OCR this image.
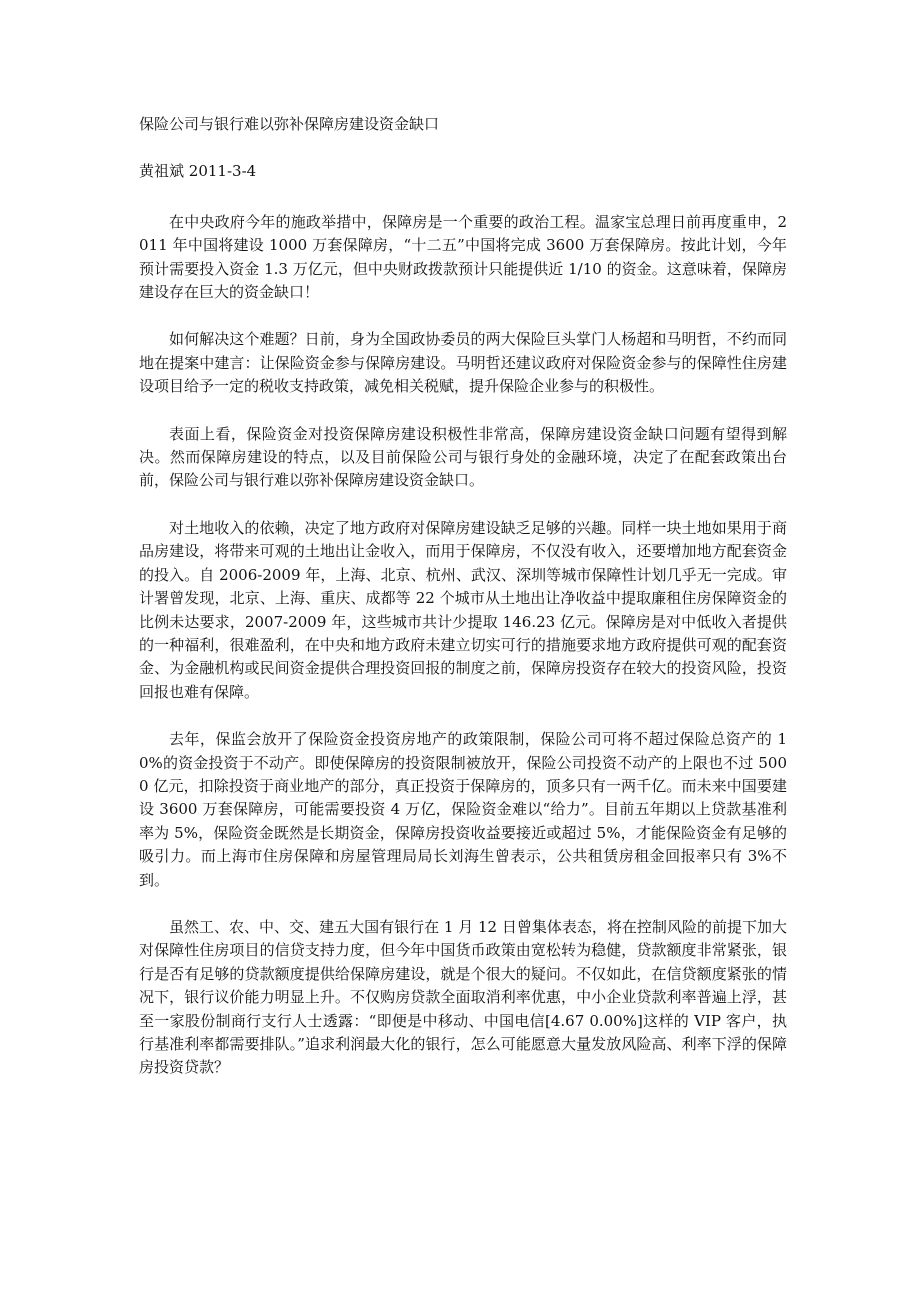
保险公司与银行难以弥补保障房建设资金缺口

黄祖斌 2011-3-4

在中央政府今年的施政举措中，保障房是一个重要的政治工程。温家宝总理日前再度重申，2011 年中国将建设 1000 万套保障房，“十二五”中国将完成 3600 万套保障房。按此计划，今年预计需要投入资金 1.3 万亿元，但中央财政拨款预计只能提供近 1/10 的资金。这意味着，保障房建设存在巨大的资金缺口！

如何解决这个难题？日前，身为全国政协委员的两大保险巨头掌门人杨超和马明哲，不约而同地在提案中建言：让保险资金参与保障房建设。马明哲还建议政府对保险资金参与的保障性住房建设项目给予一定的税收支持政策，减免相关税赋，提升保险企业参与的积极性。

表面上看，保险资金对投资保障房建设积极性非常高，保障房建设资金缺口问题有望得到解决。然而保障房建设的特点，以及目前保险公司与银行身处的金融环境，决定了在配套政策出台前，保险公司与银行难以弥补保障房建设资金缺口。

对土地收入的依赖，决定了地方政府对保障房建设缺乏足够的兴趣。同样一块土地如果用于商品房建设，将带来可观的土地出让金收入，而用于保障房，不仅没有收入，还要增加地方配套资金的投入。自 2006-2009 年，上海、北京、杭州、武汉、深圳等城市保障性计划几乎无一完成。审计署曾发现，北京、上海、重庆、成都等 22 个城市从土地出让净收益中提取廉租住房保障资金的比例未达要求，2007-2009 年，这些城市共计少提取 146.23 亿元。保障房是对中低收入者提供的一种福利，很难盈利，在中央和地方政府未建立切实可行的措施要求地方政府提供可观的配套资金、为金融机构或民间资金提供合理投资回报的制度之前，保障房投资存在较大的投资风险，投资回报也难有保障。

去年，保监会放开了保险资金投资房地产的政策限制，保险公司可将不超过保险总资产的 10%的资金投资于不动产。即使保障房的投资限制被放开，保险公司投资不动产的上限也不过 5000 亿元，扣除投资于商业地产的部分，真正投资于保障房的，顶多只有一两千亿。而未来中国要建设 3600 万套保障房，可能需要投资 4 万亿，保险资金难以“给力”。目前五年期以上贷款基准利率为 5%，保险资金既然是长期资金，保障房投资收益要接近或超过 5%，才能保险资金有足够的吸引力。而上海市住房保障和房屋管理局局长刘海生曾表示，公共租赁房租金回报率只有 3%不到。

虽然工、农、中、交、建五大国有银行在 1 月 12 日曾集体表态，将在控制风险的前提下加大对保障性住房项目的信贷支持力度，但今年中国货币政策由宽松转为稳健，贷款额度非常紧张，银行是否有足够的贷款额度提供给保障房建设，就是个很大的疑问。不仅如此，在信贷额度紧张的情况下，银行议价能力明显上升。不仅购房贷款全面取消利率优惠，中小企业贷款利率普遍上浮，甚至一家股份制商行支行人士透露：“即便是中移动、中国电信[4.67 0.00%]这样的 VIP 客户，执行基准利率都需要排队。”追求利润最大化的银行，怎么可能愿意大量发放风险高、利率下浮的保障房投资贷款？
